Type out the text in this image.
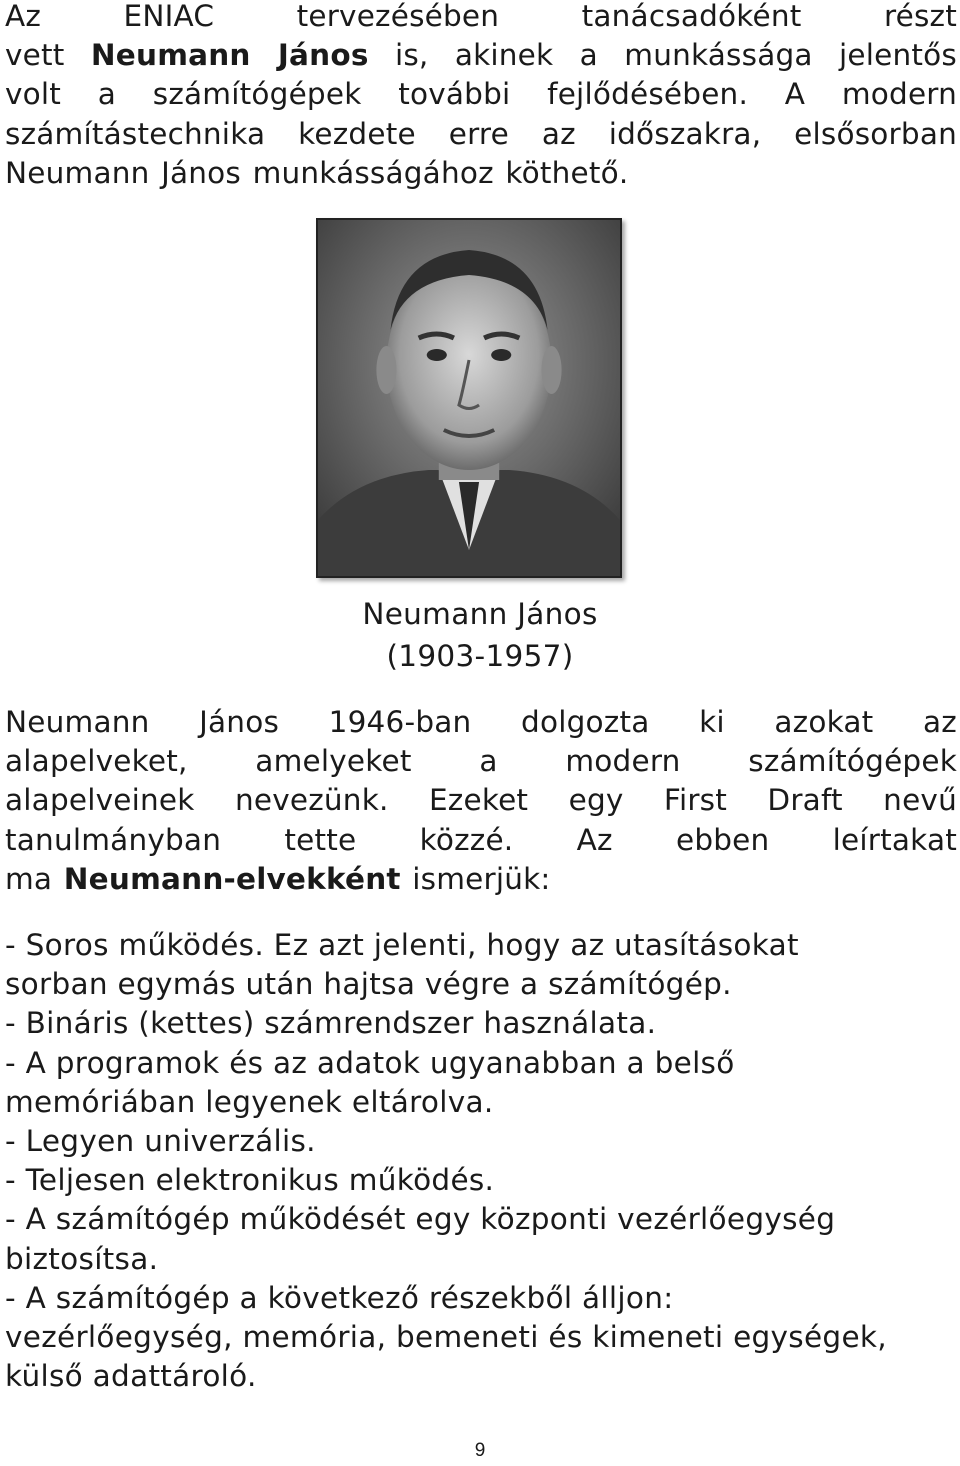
Az ENIAC tervezésében tanácsadóként részt
vett Neumann János is, akinek a munkássága jelentős
volt a számítógépek további fejlődésében. A modern
számítástechnika kezdete erre az időszakra, elsősorban
Neumann János munkásságához köthető.

Neumann János
(1903-1957)

Neumann János 1946-ban dolgozta ki azokat az
alapelveket, amelyeket a modern számítógépek
alapelveinek nevezünk. Ezeket egy First Draft nevű
tanulmányban tette közzé. Az ebben leírtakat
ma Neumann-elvekként ismerjük:

- Soros működés. Ez azt jelenti, hogy az utasításokat
sorban egymás után hajtsa végre a számítógép.
- Bináris (kettes) számrendszer használata.
- A programok és az adatok ugyanabban a belső
memóriában legyenek eltárolva.
- Legyen univerzális.
- Teljesen elektronikus működés.
- A számítógép működését egy központi vezérlőegység
biztosítsa.
- A számítógép a következő részekből álljon:
vezérlőegység, memória, bemeneti és kimeneti egységek,
külső adattároló.
9
